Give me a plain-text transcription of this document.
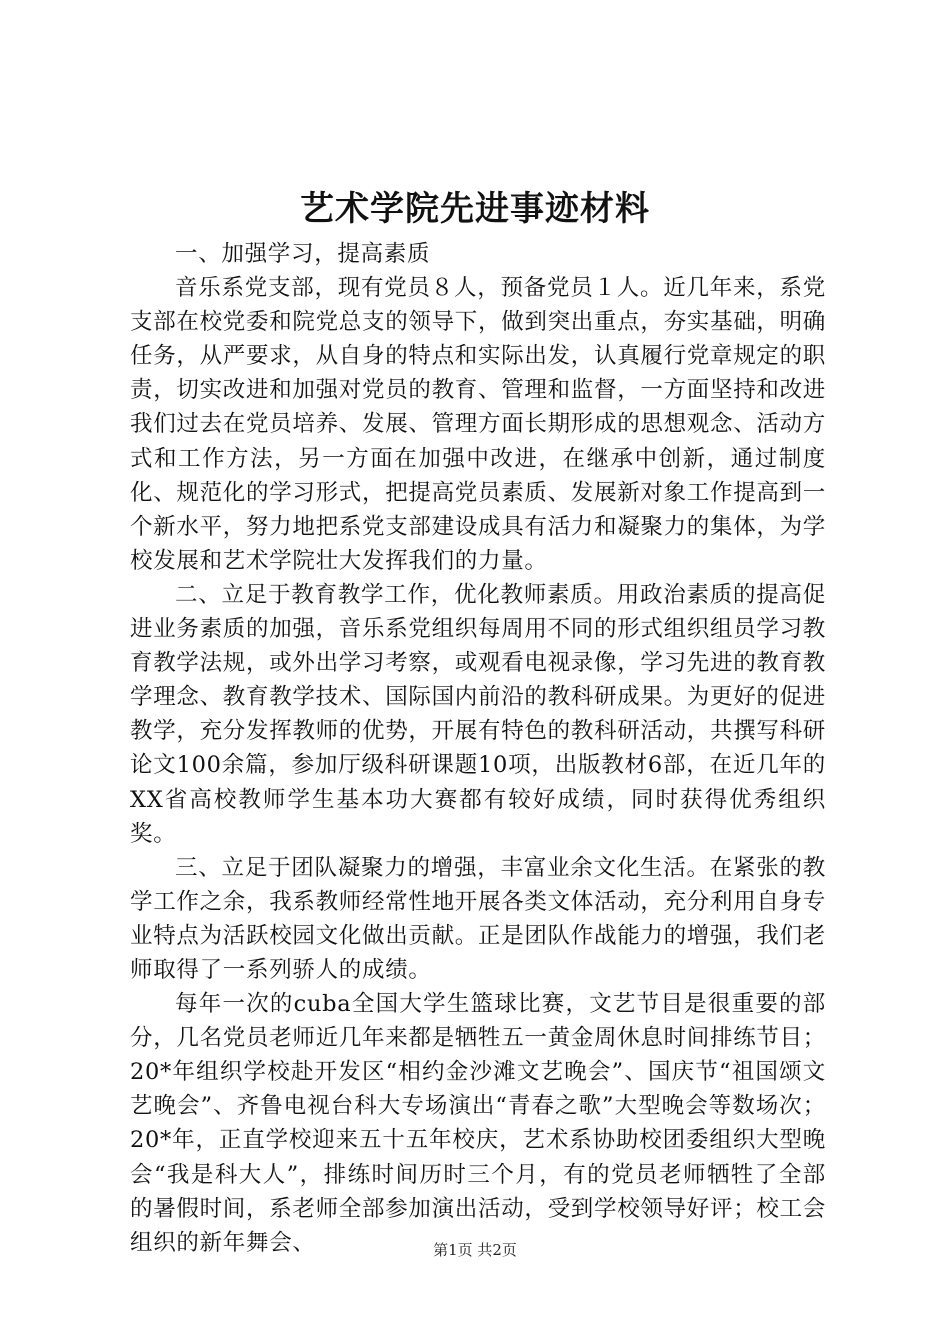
艺术学院先进事迹材料

一、加强学习，提高素质

音乐系党支部，现有党员８人，预备党员１人。近几年来，系党支部在校党委和院党总支的领导下，做到突出重点，夯实基础，明确任务，从严要求，从自身的特点和实际出发，认真履行党章规定的职责，切实改进和加强对党员的教育、管理和监督，一方面坚持和改进我们过去在党员培养、发展、管理方面长期形成的思想观念、活动方式和工作方法，另一方面在加强中改进，在继承中创新，通过制度化、规范化的学习形式，把提高党员素质、发展新对象工作提高到一个新水平，努力地把系党支部建设成具有活力和凝聚力的集体，为学校发展和艺术学院壮大发挥我们的力量。

二、立足于教育教学工作，优化教师素质。用政治素质的提高促进业务素质的加强，音乐系党组织每周用不同的形式组织组员学习教育教学法规，或外出学习考察，或观看电视录像，学习先进的教育教学理念、教育教学技术、国际国内前沿的教科研成果。为更好的促进教学，充分发挥教师的优势，开展有特色的教科研活动，共撰写科研论文100余篇，参加厅级科研课题10项，出版教材6部，在近几年的XX省高校教师学生基本功大赛都有较好成绩，同时获得优秀组织奖。

三、立足于团队凝聚力的增强，丰富业余文化生活。在紧张的教学工作之余，我系教师经常性地开展各类文体活动，充分利用自身专业特点为活跃校园文化做出贡献。正是团队作战能力的增强，我们老师取得了一系列骄人的成绩。

每年一次的cuba全国大学生篮球比赛，文艺节目是很重要的部分，几名党员老师近几年来都是牺牲五一黄金周休息时间排练节目；20*年组织学校赴开发区“相约金沙滩文艺晚会”、国庆节“祖国颂文艺晚会”、齐鲁电视台科大专场演出“青春之歌”大型晚会等数场次；20*年，正直学校迎来五十五年校庆，艺术系协助校团委组织大型晚会“我是科大人”，排练时间历时三个月，有的党员老师牺牲了全部的暑假时间，系老师全部参加演出活动，受到学校领导好评；校工会组织的新年舞会、	第1页 共2页
